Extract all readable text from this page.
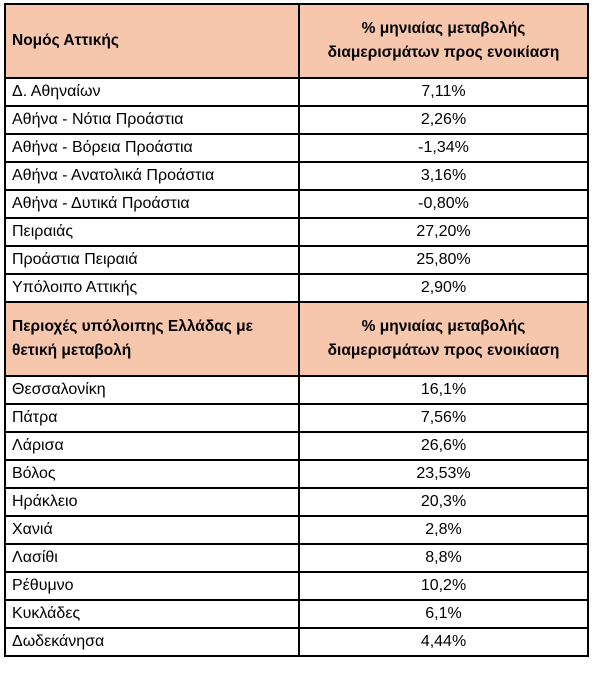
Νομός Αττικής	% μηνιαίας μεταβολής
διαμερισμάτων προς ενοικίαση
Δ. Αθηναίων	7,11%
Αθήνα - Νότια Προάστια	2,26%
Αθήνα - Βόρεια Προάστια	-1,34%
Αθήνα - Ανατολικά Προάστια	3,16%
Αθήνα - Δυτικά Προάστια	-0,80%
Πειραιάς	27,20%
Προάστια Πειραιά	25,80%
Υπόλοιπο Αττικής	2,90%
Περιοχές υπόλοιπης Ελλάδας με
θετική μεταβολή	% μηνιαίας μεταβολής
διαμερισμάτων προς ενοικίαση
Θεσσαλονίκη	16,1%
Πάτρα	7,56%
Λάρισα	26,6%
Βόλος	23,53%
Ηράκλειο	20,3%
Χανιά	2,8%
Λασίθι	8,8%
Ρέθυμνο	10,2%
Κυκλάδες	6,1%
Δωδεκάνησα	4,44%
